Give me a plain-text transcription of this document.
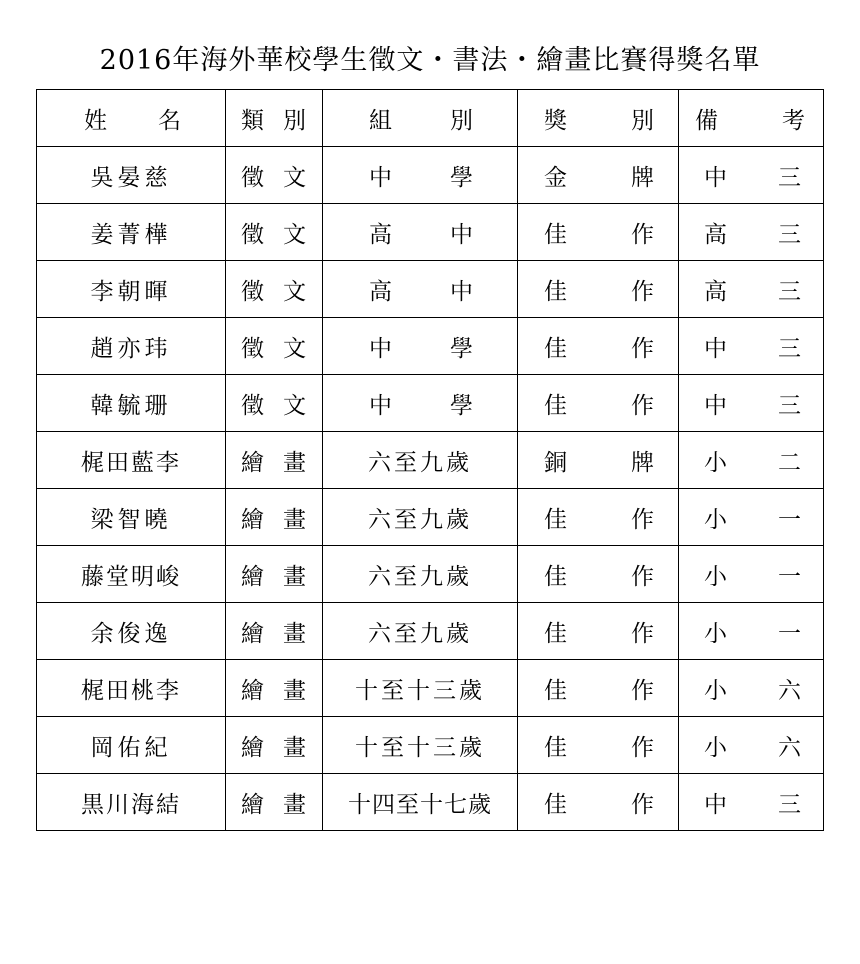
2016年海外華校學生徵文・書法・繪畫比賽得獎名單
姓名	類別	組別	獎別	備考
吳晏慈	徵文	中學	金牌	中三
姜菁樺	徵文	高中	佳作	高三
李朝暉	徵文	高中	佳作	高三
趙亦玮	徵文	中學	佳作	中三
韓毓珊	徵文	中學	佳作	中三
梶田藍李	繪畫	六至九歲	銅牌	小二
梁智曉	繪畫	六至九歲	佳作	小一
藤堂明峻	繪畫	六至九歲	佳作	小一
余俊逸	繪畫	六至九歲	佳作	小一
梶田桃李	繪畫	十至十三歲	佳作	小六
岡佑紀	繪畫	十至十三歲	佳作	小六
黒川海結	繪畫	十四至十七歲	佳作	中三
